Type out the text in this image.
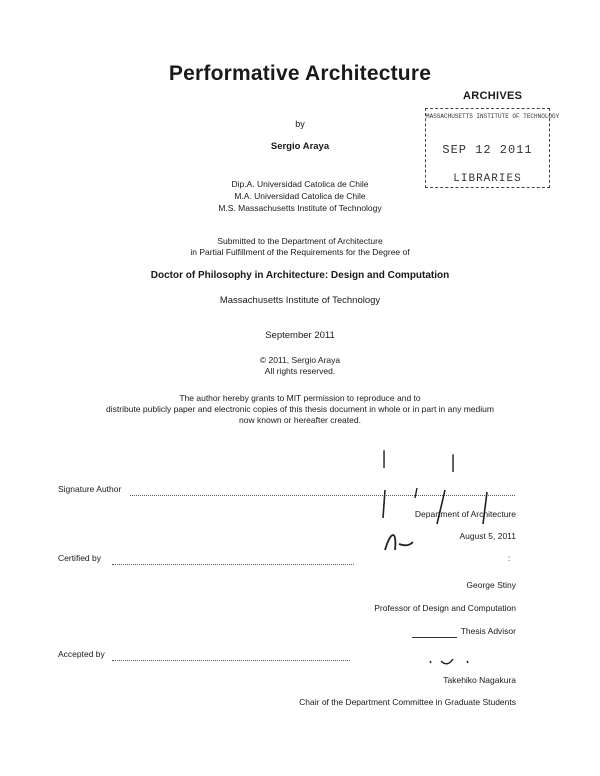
Performative Architecture
by
Sergio Araya
Dip.A. Universidad Catolica de Chile
M.A. Universidad Catolica de Chile
M.S. Massachusetts Institute of Technology
Submitted to the Department of Architecture
in Partial Fulfillment of the Requirements for the Degree of
Doctor of Philosophy in Architecture: Design and Computation
Massachusetts Institute of Technology
September 2011
© 2011, Sergio Araya
All rights reserved.
The author hereby grants to MIT permission to reproduce and to
distribute publicly paper and electronic copies of this thesis document in whole or in part in any medium
now known or hereafter created.
ARCHIVES
MASSACHUSETTS INSTITUTE OF TECHNOLOGY
SEP 12 2011
LIBRARIES
|	|
Signature Author
Department of Architecture
August 5, 2011
Certified by	:
George Stiny
Professor of Design and Computation
Thesis Advisor
Accepted by
Takehiko Nagakura
Chair of the Department Committee in Graduate Students
